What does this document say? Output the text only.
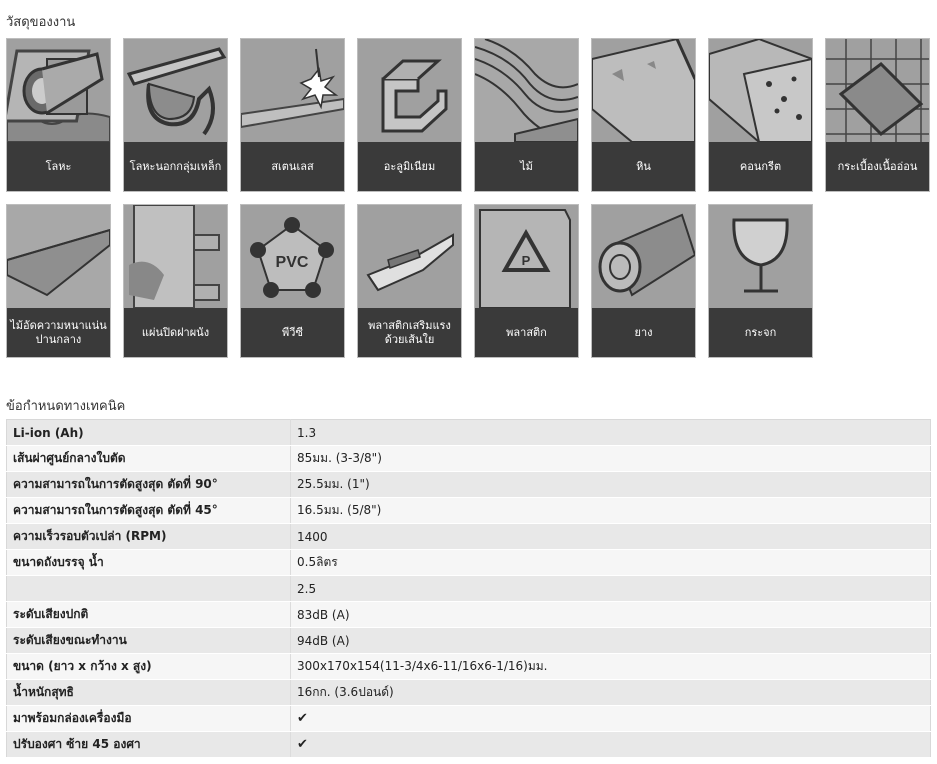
วัสดุของงาน
โลหะ	โลหะนอกกลุ่มเหล็ก	สเตนเลส	อะลูมิเนียม	ไม้	หิน	คอนกรีต	กระเบื้องเนื้ออ่อน
ไม้อัดความหนาแน่นปานกลาง
แผ่นปิดฝาผนัง
PVC
พีวีซี
พลาสติกเสริมแรงด้วยเส้นใย
P
พลาสติก	ยาง	กระจก
ข้อกำหนดทางเทคนิค
Li-ion (Ah)	1.3
เส้นผ่าศูนย์กลางใบตัด	85มม. (3-3/8")
ความสามารถในการตัดสูงสุด ตัดที่ 90°	25.5มม. (1")
ความสามารถในการตัดสูงสุด ตัดที่ 45°	16.5มม. (5/8")
ความเร็วรอบตัวเปล่า (RPM)	1400
ขนาดถังบรรจุ น้ำ	0.5ลิตร
	2.5
ระดับเสียงปกติ	83dB (A)
ระดับเสียงขณะทำงาน	94dB (A)
ขนาด (ยาว x กว้าง x สูง)	300x170x154(11-3/4x6-11/16x6-1/16)มม.
น้ำหนักสุทธิ	16กก. (3.6ปอนด์)
มาพร้อมกล่องเครื่องมือ	✔
ปรับองศา ซ้าย 45 องศา	✔
